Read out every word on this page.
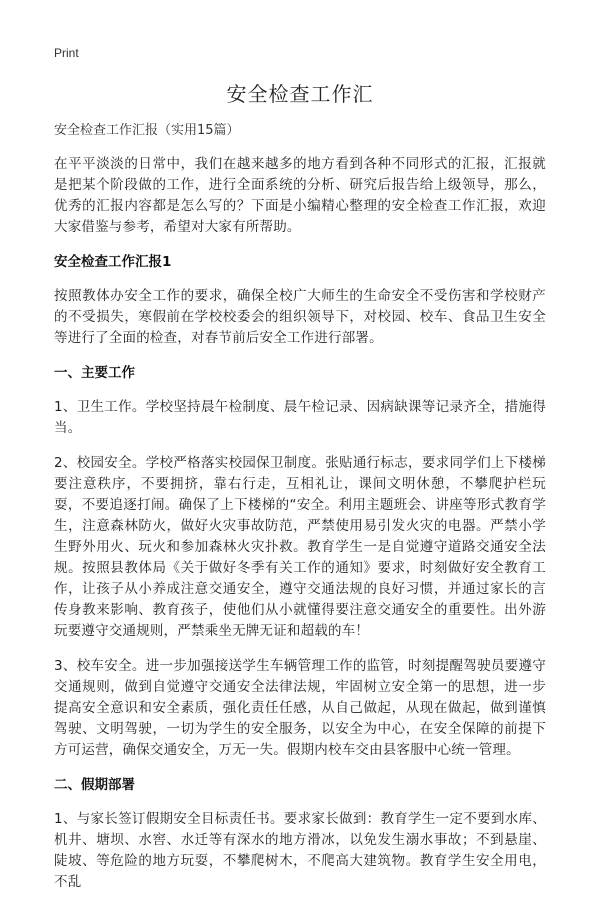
Print
安全检查工作汇
安全检查工作汇报（实用15篇）

在平平淡淡的日常中，我们在越来越多的地方看到各种不同形式的汇报，汇报就是把某个阶段做的工作，进行全面系统的分析、研究后报告给上级领导，那么，优秀的汇报内容都是怎么写的？下面是小编精心整理的安全检查工作汇报，欢迎大家借鉴与参考，希望对大家有所帮助。

安全检查工作汇报1

按照教体办安全工作的要求，确保全校广大师生的生命安全不受伤害和学校财产的不受损失，寒假前在学校校委会的组织领导下，对校园、校车、食品卫生安全等进行了全面的检查，对春节前后安全工作进行部署。

一、主要工作

1、卫生工作。学校坚持晨午检制度、晨午检记录、因病缺课等记录齐全，措施得当。

2、校园安全。学校严格落实校园保卫制度。张贴通行标志，要求同学们上下楼梯要注意秩序，不要拥挤，靠右行走，互相礼让，课间文明休憩，不攀爬护栏玩耍，不要追逐打闹。确保了上下楼梯的“安全。利用主题班会、讲座等形式教育学生，注意森林防火，做好火灾事故防范，严禁使用易引发火灾的电器。严禁小学生野外用火、玩火和参加森林火灾扑救。教育学生一是自觉遵守道路交通安全法规。按照县教体局《关于做好冬季有关工作的通知》要求，时刻做好安全教育工作，让孩子从小养成注意交通安全，遵守交通法规的良好习惯，并通过家长的言传身教来影响、教育孩子，使他们从小就懂得要注意交通安全的重要性。出外游玩要遵守交通规则，严禁乘坐无牌无证和超载的车！

3、校车安全。进一步加强接送学生车辆管理工作的监管，时刻提醒驾驶员要遵守交通规则，做到自觉遵守交通安全法律法规，牢固树立安全第一的思想，进一步提高安全意识和安全素质，强化责任任感，从自己做起，从现在做起，做到谨慎驾驶、文明驾驶，一切为学生的安全服务，以安全为中心，在安全保障的前提下方可运营，确保交通安全，万无一失。假期内校车交由县客服中心统一管理。

二、假期部署

1、与家长签订假期安全目标责任书。要求家长做到：教育学生一定不要到水库、机井、塘坝、水窖、水迁等有深水的地方滑冰，以免发生溺水事故；不到悬崖、陡坡、等危险的地方玩耍，不攀爬树木，不爬高大建筑物。教育学生安全用电，不乱
